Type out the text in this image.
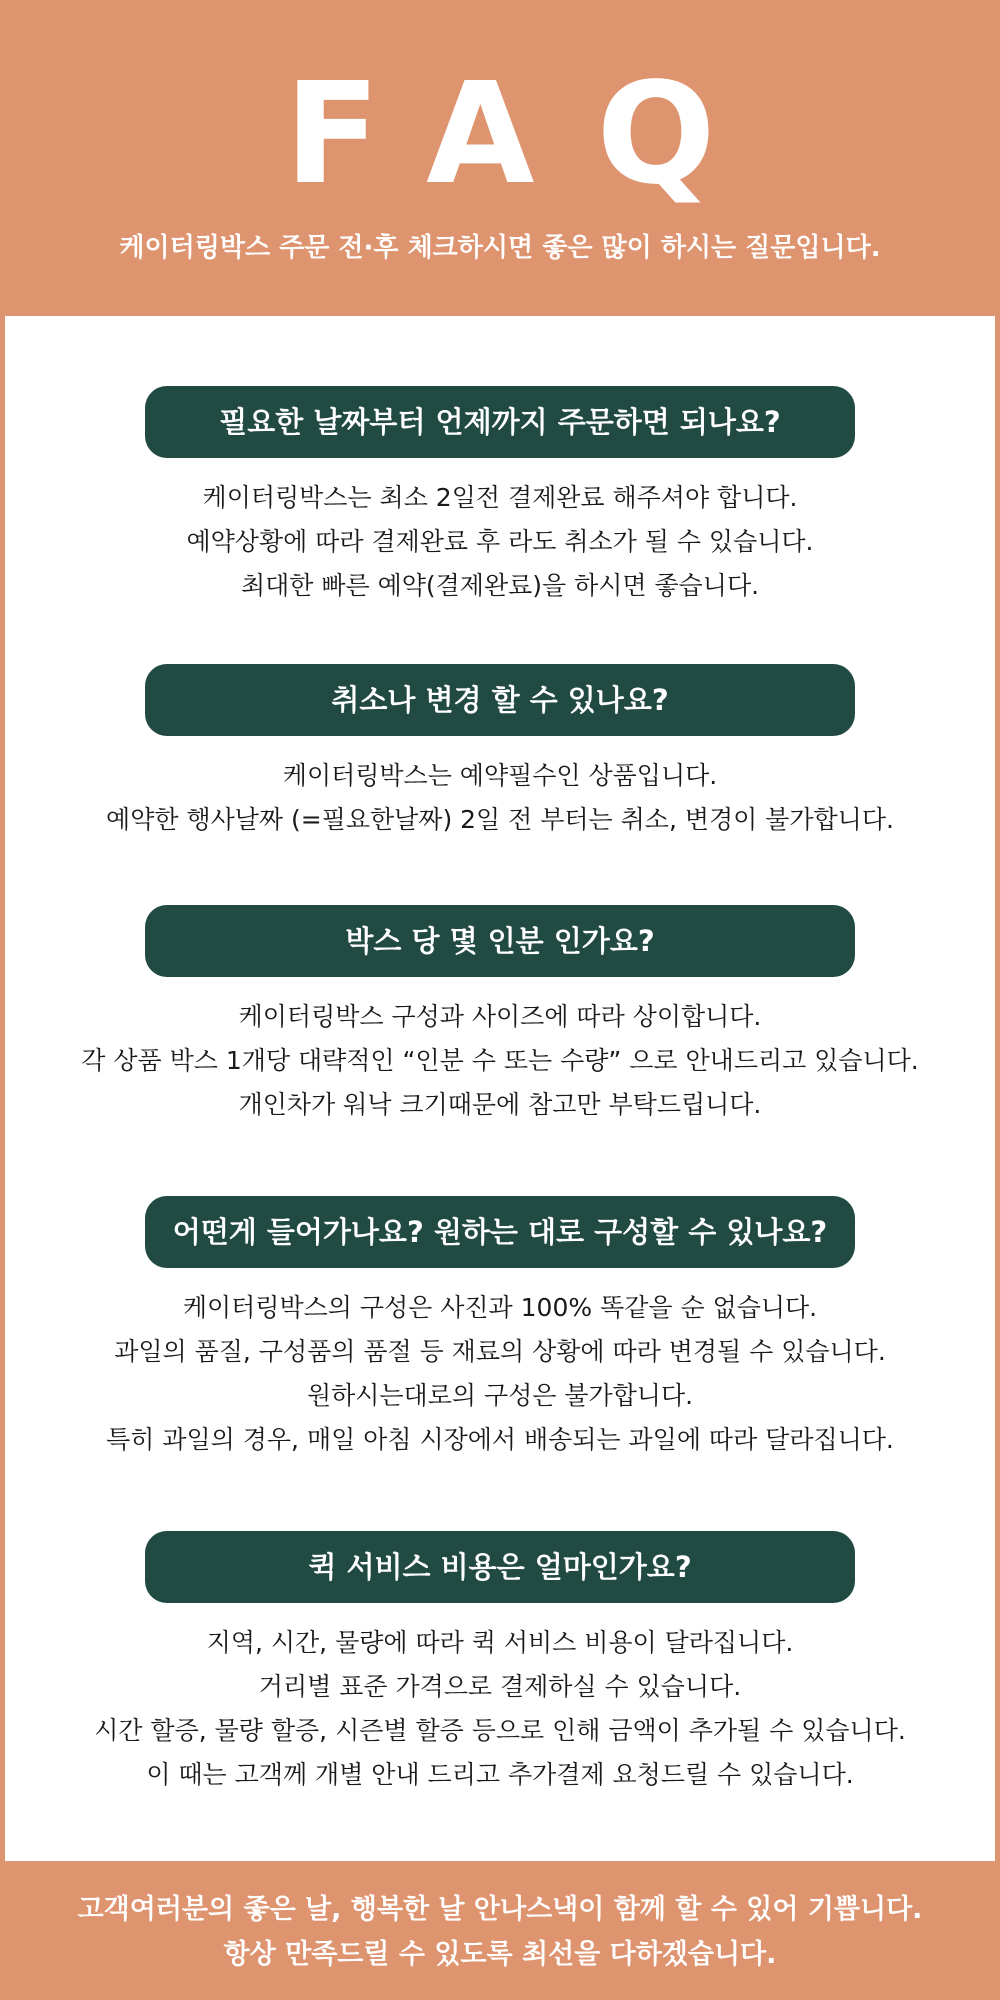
FAQ
케이터링박스 주문 전·후 체크하시면 좋은 많이 하시는 질문입니다.
필요한 날짜부터 언제까지 주문하면 되나요?
케이터링박스는 최소 2일전 결제완료 해주셔야 합니다.
예약상황에 따라 결제완료 후 라도 취소가 될 수 있습니다.
최대한 빠른 예약(결제완료)을 하시면 좋습니다.
취소나 변경 할 수 있나요?
케이터링박스는 예약필수인 상품입니다.
예약한 행사날짜 (=필요한날짜) 2일 전 부터는 취소, 변경이 불가합니다.
박스 당 몇 인분 인가요?
케이터링박스 구성과 사이즈에 따라 상이합니다.
각 상품 박스 1개당 대략적인 “인분 수 또는 수량” 으로 안내드리고 있습니다.
개인차가 워낙 크기때문에 참고만 부탁드립니다.
어떤게 들어가나요? 원하는 대로 구성할 수 있나요?
케이터링박스의 구성은 사진과 100% 똑같을 순 없습니다.
과일의 품질, 구성품의 품절 등 재료의 상황에 따라 변경될 수 있습니다.
원하시는대로의 구성은 불가합니다.
특히 과일의 경우, 매일 아침 시장에서 배송되는 과일에 따라 달라집니다.
퀵 서비스 비용은 얼마인가요?
지역, 시간, 물량에 따라 퀵 서비스 비용이 달라집니다.
거리별 표준 가격으로 결제하실 수 있습니다.
시간 할증, 물량 할증, 시즌별 할증 등으로 인해 금액이 추가될 수 있습니다.
이 때는 고객께 개별 안내 드리고 추가결제 요청드릴 수 있습니다.
고객여러분의 좋은 날, 행복한 날 안나스낵이 함께 할 수 있어 기쁩니다.
항상 만족드릴 수 있도록 최선을 다하겠습니다.
